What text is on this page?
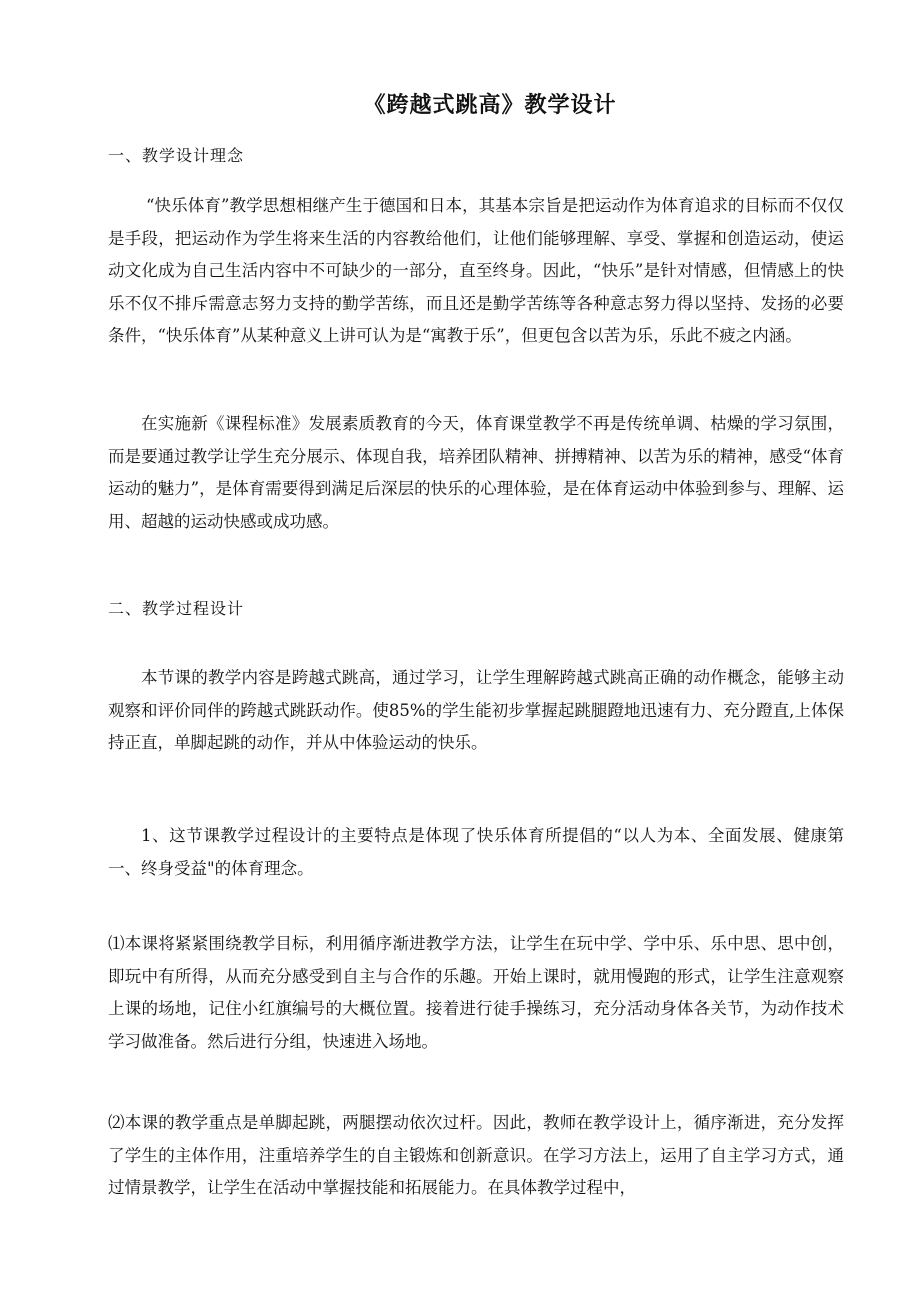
《跨越式跳高》教学设计
一、教学设计理念

“快乐体育”教学思想相继产生于德国和日本，其基本宗旨是把运动作为体育追求的目标而不仅仅是手段，把运动作为学生将来生活的内容教给他们，让他们能够理解、享受、掌握和创造运动，使运动文化成为自己生活内容中不可缺少的一部分，直至终身。因此，“快乐”是针对情感，但情感上的快乐不仅不排斥需意志努力支持的勤学苦练，而且还是勤学苦练等各种意志努力得以坚持、发扬的必要条件，“快乐体育”从某种意义上讲可认为是“寓教于乐”，但更包含以苦为乐，乐此不疲之内涵。

在实施新《课程标准》发展素质教育的今天，体育课堂教学不再是传统单调、枯燥的学习氛围，而是要通过教学让学生充分展示、体现自我，培养团队精神、拼搏精神、以苦为乐的精神，感受“体育运动的魅力”，是体育需要得到满足后深层的快乐的心理体验，是在体育运动中体验到参与、理解、运用、超越的运动快感或成功感。

二、教学过程设计

本节课的教学内容是跨越式跳高，通过学习，让学生理解跨越式跳高正确的动作概念，能够主动观察和评价同伴的跨越式跳跃动作。使85%的学生能初步掌握起跳腿蹬地迅速有力、充分蹬直,上体保持正直，单脚起跳的动作，并从中体验运动的快乐。

1、这节课教学过程设计的主要特点是体现了快乐体育所提倡的“以人为本、全面发展、健康第一、终身受益"的体育理念。

⑴本课将紧紧围绕教学目标，利用循序渐进教学方法，让学生在玩中学、学中乐、乐中思、思中创，即玩中有所得，从而充分感受到自主与合作的乐趣。开始上课时，就用慢跑的形式，让学生注意观察上课的场地，记住小红旗编号的大概位置。接着进行徒手操练习，充分活动身体各关节，为动作技术学习做准备。然后进行分组，快速进入场地。

⑵本课的教学重点是单脚起跳，两腿摆动依次过杆。因此，教师在教学设计上，循序渐进，充分发挥了学生的主体作用，注重培养学生的自主锻炼和创新意识。在学习方法上，运用了自主学习方式，通过情景教学，让学生在活动中掌握技能和拓展能力。在具体教学过程中，
